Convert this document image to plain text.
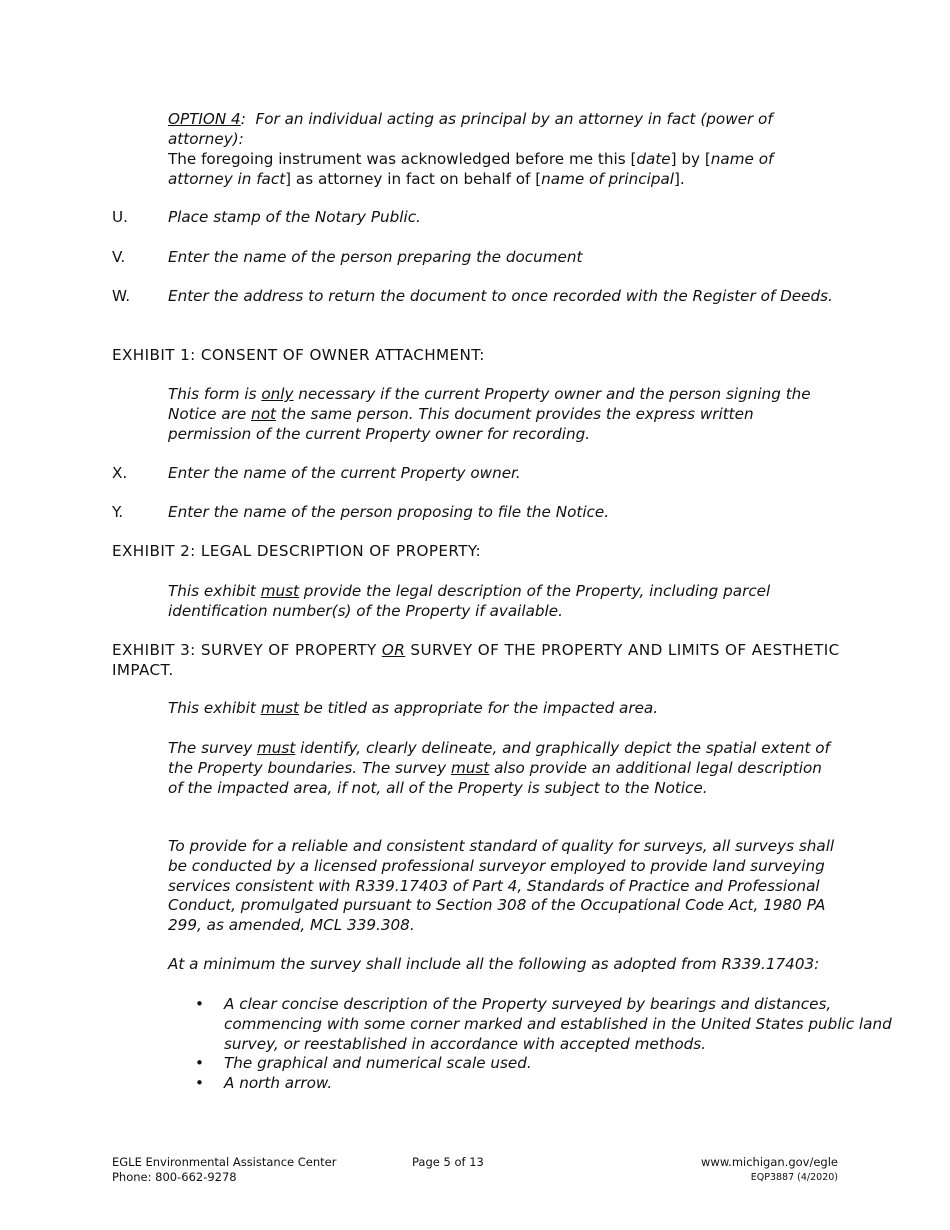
OPTION 4: For an individual acting as principal by an attorney in fact (power of attorney):

The foregoing instrument was acknowledged before me this [date] by [name of attorney in fact] as attorney in fact on behalf of [name of principal].

U.	Place stamp of the Notary Public.
V.	Enter the name of the person preparing the document
W. Enter the address to return the document to once recorded with the Register of Deeds.

EXHIBIT 1: CONSENT OF OWNER ATTACHMENT:

This form is only necessary if the current Property owner and the person signing the Notice are not the same person. This document provides the express written permission of the current Property owner for recording.

X.	Enter the name of the current Property owner.
Y.	Enter the name of the person proposing to file the Notice.

EXHIBIT 2: LEGAL DESCRIPTION OF PROPERTY:

This exhibit must provide the legal description of the Property, including parcel identification number(s) of the Property if available.

EXHIBIT 3: SURVEY OF PROPERTY OR SURVEY OF THE PROPERTY AND LIMITS OF AESTHETIC IMPACT.

This exhibit must be titled as appropriate for the impacted area.

The survey must identify, clearly delineate, and graphically depict the spatial extent of the Property boundaries. The survey must also provide an additional legal description of the impacted area, if not, all of the Property is subject to the Notice.

To provide for a reliable and consistent standard of quality for surveys, all surveys shall be conducted by a licensed professional surveyor employed to provide land surveying services consistent with R339.17403 of Part 4, Standards of Practice and Professional Conduct, promulgated pursuant to Section 308 of the Occupational Code Act, 1980 PA 299, as amended, MCL 339.308.

At a minimum the survey shall include all the following as adopted from R339.17403:

• A clear concise description of the Property surveyed by bearings and distances, commencing with some corner marked and established in the United States public land survey, or reestablished in accordance with accepted methods.
• The graphical and numerical scale used.
• A north arrow.
EGLE Environmental Assistance Center
Phone: 800-662-9278
Page 5 of 13	www.michigan.gov/egle
EQP3887 (4/2020)
